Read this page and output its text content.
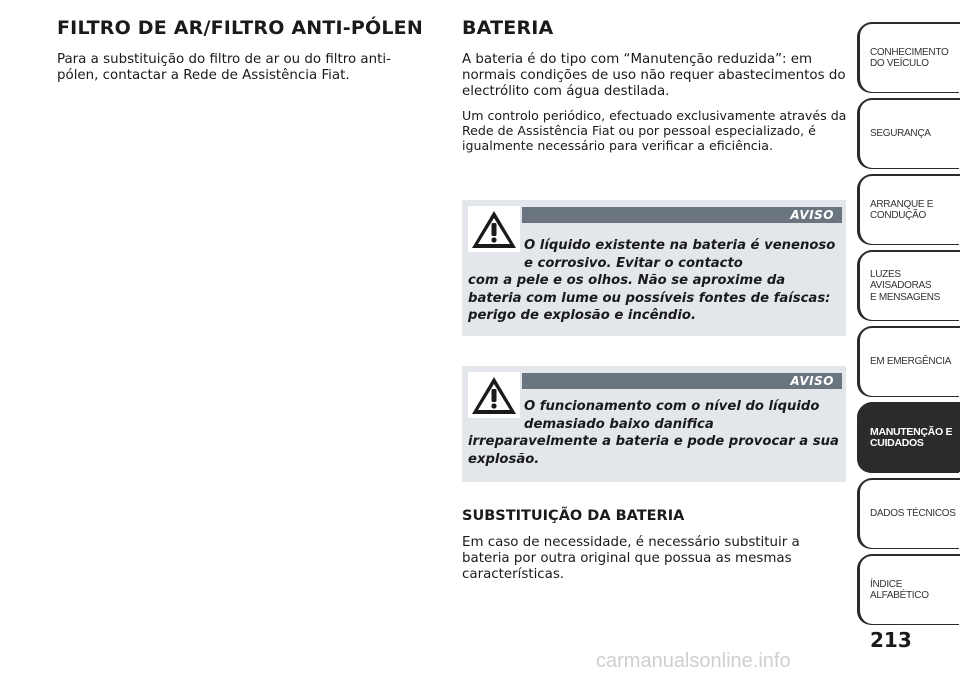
FILTRO DE AR/FILTRO ANTI-PÓLEN
Para a substituição do filtro de ar ou do filtro anti-pólen, contactar a Rede de Assistência Fiat.
BATERIA
A bateria é do tipo com “Manutenção reduzida”: em normais condições de uso não requer abastecimentos do electrólito com água destilada.
Um controlo periódico, efectuado exclusivamente através da Rede de Assistência Fiat ou por pessoal especializado, é igualmente necessário para verificar a eficiência.
AVISO
O líquido existente na bateria é venenoso e corrosivo. Evitar o contacto
com a pele e os olhos. Não se aproxime da bateria com lume ou possíveis fontes de faíscas: perigo de explosão e incêndio.
AVISO
O funcionamento com o nível do líquido demasiado baixo danifica
irreparavelmente a bateria e pode provocar a sua explosão.
SUBSTITUIÇÃO DA BATERIA
Em caso de necessidade, é necessário substituir a bateria por outra original que possua as mesmas características.
CONHECIMENTO
DO VEÍCULO
SEGURANÇA
ARRANQUE E
CONDUÇÃO
LUZES AVISADORAS
E MENSAGENS
EM EMERGÊNCIA
MANUTENÇÃO E
CUIDADOS
DADOS TÉCNICOS
ÍNDICE ALFABÉTICO
213
carmanualsonline.info
